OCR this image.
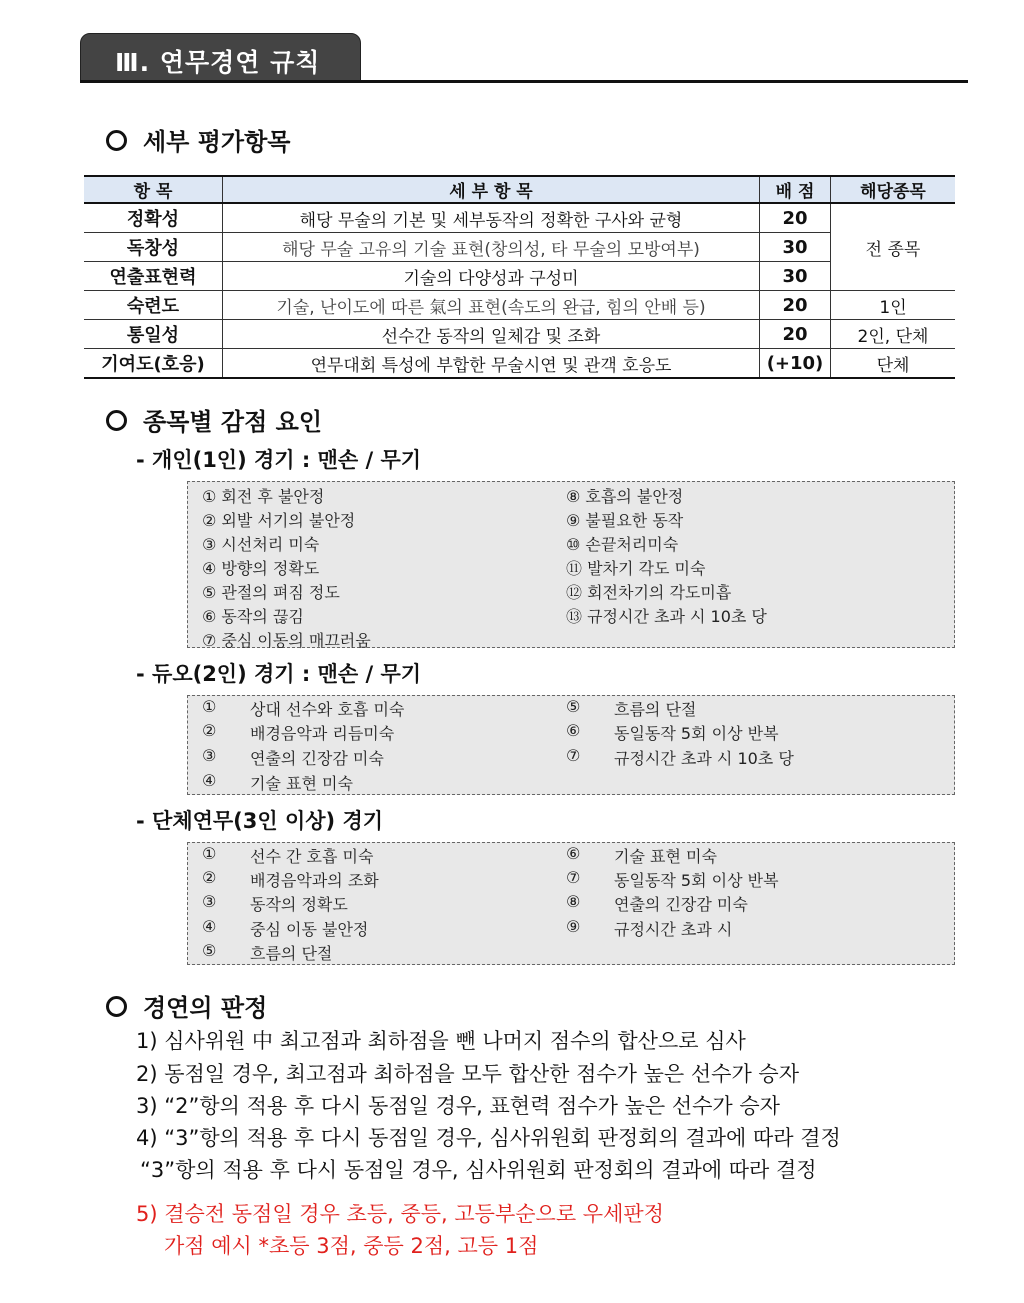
Ⅲ. 연무경연 규칙
세부 평가항목
항 목	세 부 항 목	배 점	해당종목
정확성	해당 무술의 기본 및 세부동작의 정확한 구사와 균형	20	전 종목
독창성	해당 무술 고유의 기술 표현(창의성, 타 무술의 모방여부)	30	
연출표현력	기술의 다양성과 구성미	30	
숙련도	기술, 난이도에 따른 氣의 표현(속도의 완급, 힘의 안배 등)	20	1인
통일성	선수간 동작의 일체감 및 조화	20	2인, 단체
기여도(호응)	연무대회 특성에 부합한 무술시연 및 관객 호응도	(+10)	단체
종목별 감점 요인
- 개인(1인) 경기 : 맨손 / 무기
① 회전 후 불안정
② 외발 서기의 불안정
③ 시선처리 미숙
④ 방향의 정확도
⑤ 관절의 펴짐 정도
⑥ 동작의 끊김
⑦ 중심 이동의 매끄러움
⑧ 호흡의 불안정
⑨ 불필요한 동작
⑩ 손끝처리미숙
⑪ 발차기 각도 미숙
⑫ 회전차기의 각도미흡
⑬ 규정시간 초과 시 10초 당
- 듀오(2인) 경기 : 맨손 / 무기
① 상대 선수와 호흡 미숙
② 배경음악과 리듬미숙
③ 연출의 긴장감 미숙
④ 기술 표현 미숙
⑤ 흐름의 단절
⑥ 동일동작 5회 이상 반복
⑦ 규정시간 초과 시 10초 당
- 단체연무(3인 이상) 경기
① 선수 간 호흡 미숙
② 배경음악과의 조화
③ 동작의 정확도
④ 중심 이동 불안정
⑤ 흐름의 단절
⑥ 기술 표현 미숙
⑦ 동일동작 5회 이상 반복
⑧ 연출의 긴장감 미숙
⑨ 규정시간 초과 시
경연의 판정
1) 심사위원 中 최고점과 최하점을 뺀 나머지 점수의 합산으로 심사
2) 동점일 경우, 최고점과 최하점을 모두 합산한 점수가 높은 선수가 승자
3) “2”항의 적용 후 다시 동점일 경우, 표현력 점수가 높은 선수가 승자
4) “3”항의 적용 후 다시 동점일 경우, 심사위원회 판정회의 결과에 따라 결정
“3”항의 적용 후 다시 동점일 경우, 심사위원회 판정회의 결과에 따라 결정
5) 결승전 동점일 경우 초등, 중등, 고등부순으로 우세판정
가점 예시 *초등 3점, 중등 2점, 고등 1점
